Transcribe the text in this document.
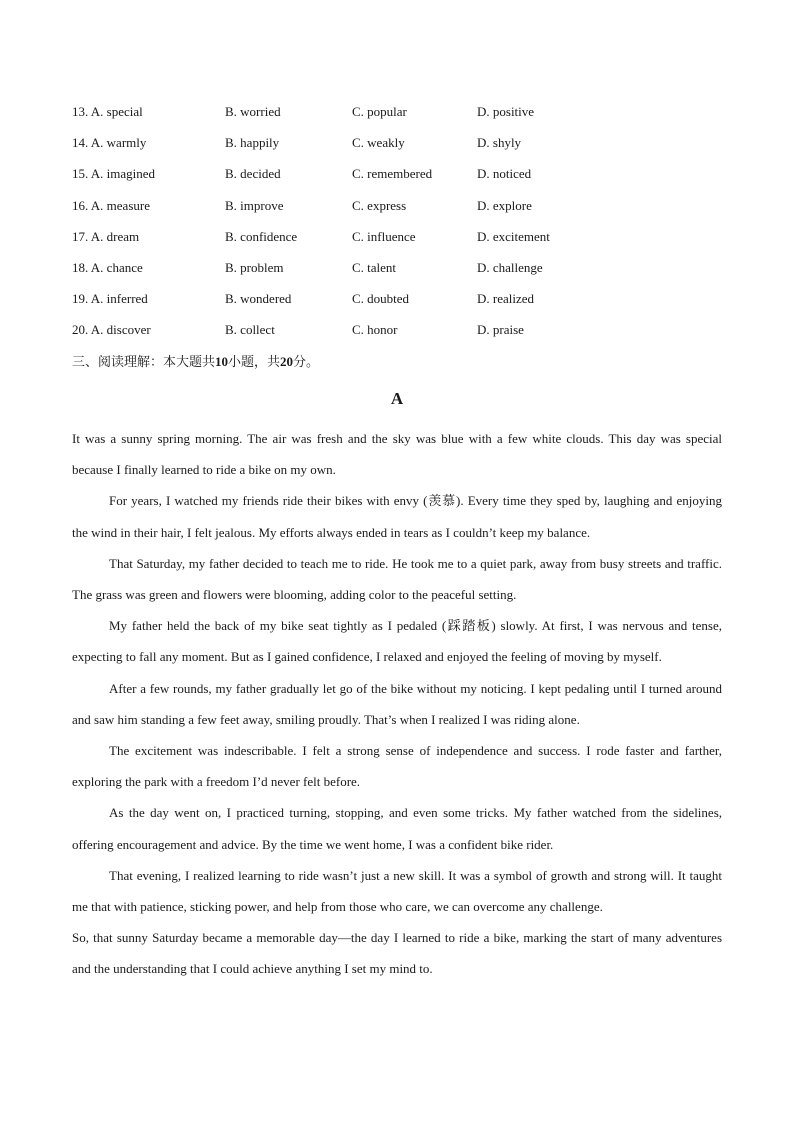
13. A. special	B. worried	C. popular	D. positive
14. A. warmly	B. happily	C. weakly	D. shyly
15. A. imagined	B. decided	C. remembered	D. noticed
16. A. measure	B. improve	C. express	D. explore
17. A. dream	B. confidence	C. influence	D. excitement
18. A. chance	B. problem	C. talent	D. challenge
19. A. inferred	B. wondered	C. doubted	D. realized
20. A. discover	B. collect	C. honor	D. praise
三、阅读理解：本大题共10小题，共20分。
A

It was a sunny spring morning. The air was fresh and the sky was blue with a few white clouds. This day was special because I finally learned to ride a bike on my own.

For years, I watched my friends ride their bikes with envy (羡慕). Every time they sped by, laughing and enjoying the wind in their hair, I felt jealous. My efforts always ended in tears as I couldn’t keep my balance.

That Saturday, my father decided to teach me to ride. He took me to a quiet park, away from busy streets and traffic. The grass was green and flowers were blooming, adding color to the peaceful setting.

My father held the back of my bike seat tightly as I pedaled (踩踏板) slowly. At first, I was nervous and tense, expecting to fall any moment. But as I gained confidence, I relaxed and enjoyed the feeling of moving by myself.

After a few rounds, my father gradually let go of the bike without my noticing. I kept pedaling until I turned around and saw him standing a few feet away, smiling proudly. That’s when I realized I was riding alone.

The excitement was indescribable. I felt a strong sense of independence and success. I rode faster and farther, exploring the park with a freedom I’d never felt before.

As the day went on, I practiced turning, stopping, and even some tricks. My father watched from the sidelines, offering encouragement and advice. By the time we went home, I was a confident bike rider.

That evening, I realized learning to ride wasn’t just a new skill. It was a symbol of growth and strong will. It taught me that with patience, sticking power, and help from those who care, we can overcome any challenge.

So, that sunny Saturday became a memorable day—the day I learned to ride a bike, marking the start of many adventures and the understanding that I could achieve anything I set my mind to.
